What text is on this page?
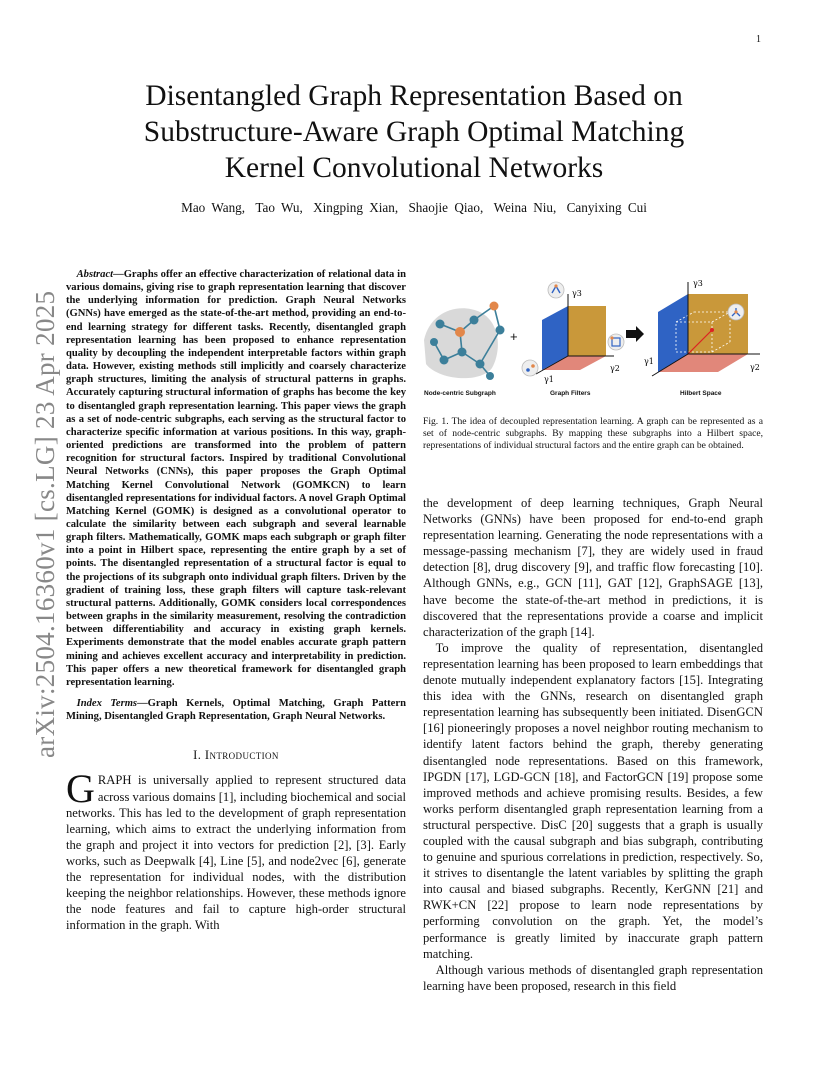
1
arXiv:2504.16360v1 [cs.LG] 23 Apr 2025
Disentangled Graph Representation Based on
Substructure-Aware Graph Optimal Matching
Kernel Convolutional Networks
Mao Wang, Tao Wu, Xingping Xian, Shaojie Qiao, Weina Niu, Canyixing Cui

Abstract—Graphs offer an effective characterization of relational data in various domains, giving rise to graph representation learning that discover the underlying information for prediction. Graph Neural Networks (GNNs) have emerged as the state-of-the-art method, providing an end-to-end learning strategy for different tasks. Recently, disentangled graph representation learning has been proposed to enhance representation quality by decoupling the independent interpretable factors within graph data. However, existing methods still implicitly and coarsely characterize graph structures, limiting the analysis of structural patterns in graphs. Accurately capturing structural information of graphs has become the key to disentangled graph representation learning. This paper views the graph as a set of node-centric subgraphs, each serving as the structural factor to characterize specific information at various positions. In this way, graph-oriented predictions are transformed into the problem of pattern recognition for structural factors. Inspired by traditional Convolutional Neural Networks (CNNs), this paper proposes the Graph Optimal Matching Kernel Convolutional Network (GOMKCN) to learn disentangled representations for individual factors. A novel Graph Optimal Matching Kernel (GOMK) is designed as a convolutional operator to calculate the similarity between each subgraph and several learnable graph filters. Mathematically, GOMK maps each subgraph or graph filter into a point in Hilbert space, representing the entire graph by a set of points. The disentangled representation of a structural factor is equal to the projections of its subgraph onto individual graph filters. Driven by the gradient of training loss, these graph filters will capture task-relevant structural patterns. Additionally, GOMK considers local correspondences between graphs in the similarity measurement, resolving the contradiction between differentiability and accuracy in existing graph kernels. Experiments demonstrate that the model enables accurate graph pattern mining and achieves excellent accuracy and interpretability in prediction. This paper offers a new theoretical framework for disentangled graph representation learning.

Index Terms—Graph Kernels, Optimal Matching, Graph Pattern Mining, Disentangled Graph Representation, Graph Neural Networks.

I. Introduction

GRAPH is universally applied to represent structured data across various domains [1], including biochemical and social networks. This has led to the development of graph representation learning, which aims to extract the underlying information from the graph and project it into vectors for prediction [2], [3]. Early works, such as Deepwalk [4], Line [5], and node2vec [6], generate the representation for individual nodes, with the distribution keeping the neighbor relationships. However, these methods ignore the node features and fail to capture high-order structural information in the graph. With

Node-centric Subgraph
+
γ3
γ1
γ2
Graph Filters
γ3
γ1
γ2
Hilbert Space
Fig. 1. The idea of decoupled representation learning. A graph can be represented as a set of node-centric subgraphs. By mapping these subgraphs into a Hilbert space, representations of individual structural factors and the entire graph can be obtained.

the development of deep learning techniques, Graph Neural Networks (GNNs) have been proposed for end-to-end graph representation learning. Generating the node representations with a message-passing mechanism [7], they are widely used in fraud detection [8], drug discovery [9], and traffic flow forecasting [10]. Although GNNs, e.g., GCN [11], GAT [12], GraphSAGE [13], have become the state-of-the-art method in predictions, it is discovered that the representations provide a coarse and implicit characterization of the graph [14].

To improve the quality of representation, disentangled representation learning has been proposed to learn embeddings that denote mutually independent explanatory factors [15]. Integrating this idea with the GNNs, research on disentangled graph representation learning has subsequently been initiated. DisenGCN [16] pioneeringly proposes a novel neighbor routing mechanism to identify latent factors behind the graph, thereby generating disentangled node representations. Based on this framework, IPGDN [17], LGD-GCN [18], and FactorGCN [19] propose some improved methods and achieve promising results. Besides, a few works perform disentangled graph representation learning from a structural perspective. DisC [20] suggests that a graph is usually coupled with the causal subgraph and bias subgraph, contributing to genuine and spurious correlations in prediction, respectively. So, it strives to disentangle the latent variables by splitting the graph into causal and biased subgraphs. Recently, KerGNN [21] and RWK+CN [22] propose to learn node representations by performing convolution on the graph. Yet, the model’s performance is greatly limited by inaccurate graph pattern matching.

Although various methods of disentangled graph representation learning have been proposed, research in this field
